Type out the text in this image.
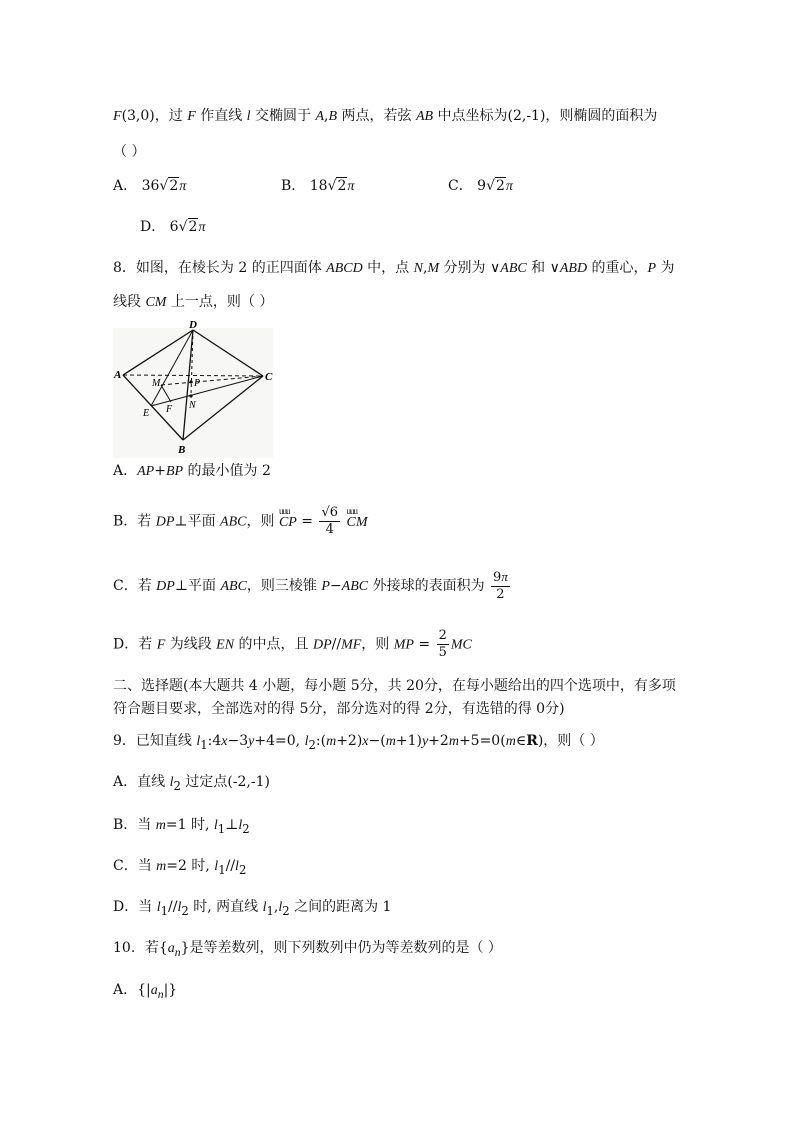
F(3,0)，过 F 作直线 l 交椭圆于 A,B 两点，若弦 AB 中点坐标为(2,-1)，则椭圆的面积为
（ ）
A． 36√2π	B． 18√2π	C． 9√2π
D． 6√2π
8．如图，在棱长为 2 的正四面体 ABCD 中，点 N,M 分别为 ∨ABC 和 ∨ABD 的重心，P 为
线段 CM 上一点，则（ ）
D
A	C
M	P
E F N
B
A．AP+BP 的最小值为 2
B．若 DP⊥平面 ABC，则 uuu CP = $\frac{√6}{4}$
uuu CM
C．若 DP⊥平面 ABC，则三棱锥 P−ABC 外接球的表面积为 $\frac{9\pi}{2}$
D．若 F 为线段 EN 的中点，且 DP//MF，则 MP = $\frac{2}{5}$ MC
二、选择题(本大题共 4 小题，每小题 5分，共 20分，在每小题给出的四个选项中，有多项
符合题目要求，全部选对的得 5分，部分选对的得 2分，有选错的得 0分)
9．已知直线 $l_1:4x-3y+4=0$, $l_2:(m+2)x-(m+1)y+2m+5=0(m\in R)$，则（ ）
A．直线 $l_2$ 过定点(-2,-1)
B．当 m=1 时, $l_1\perp l_2$
C．当 m=2 时, $l_1//l_2$
D．当 $l_1//l_2$ 时, 两直线 $l_1,l_2$ 之间的距离为 1
10．若$\{a_n\}$是等差数列，则下列数列中仍为等差数列的是（ ）
A．$\{|a_n|\}$
